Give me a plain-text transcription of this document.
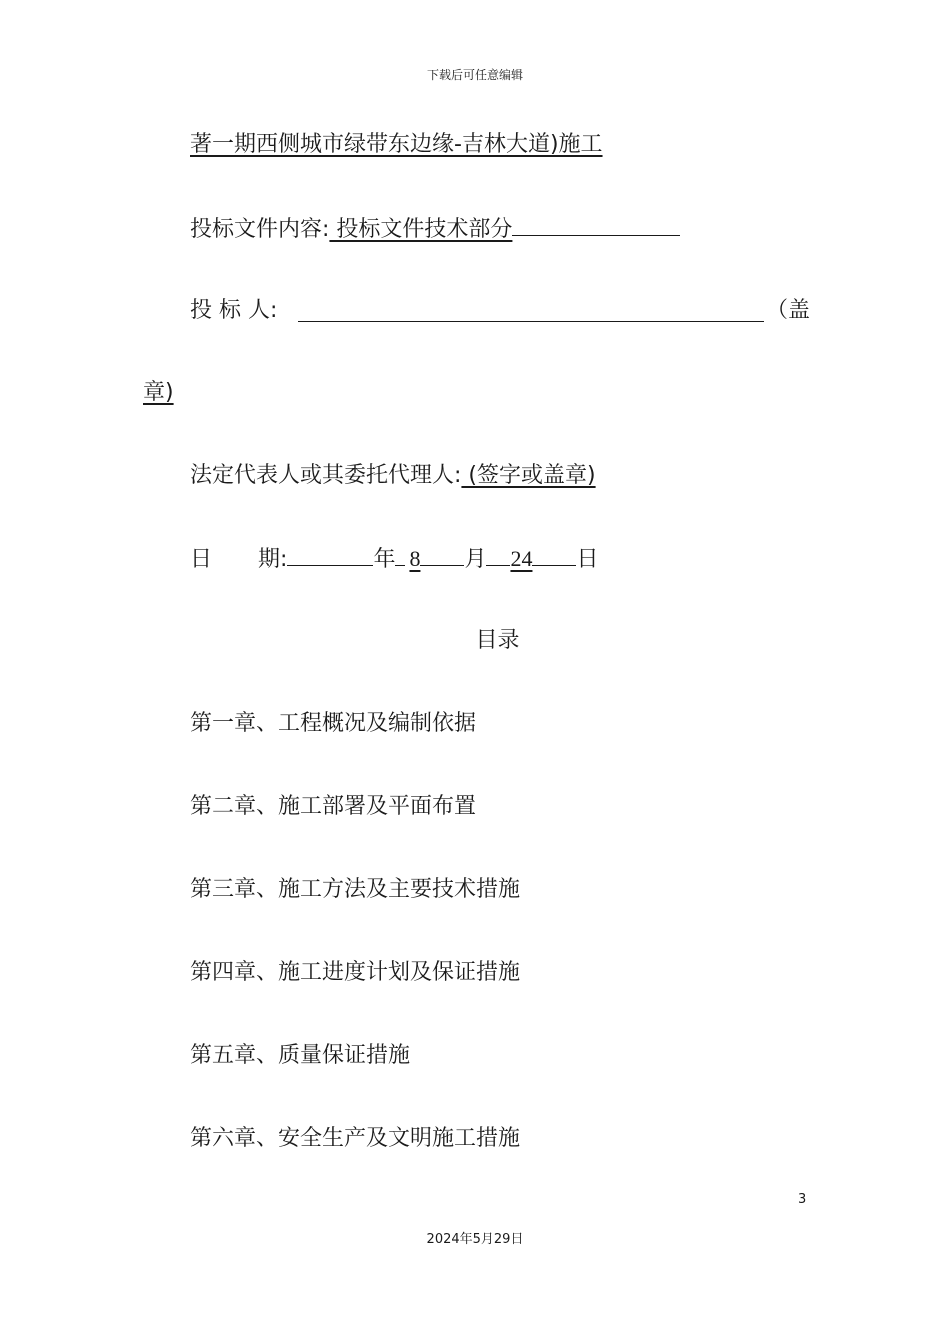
下载后可任意编辑
著一期西侧城市绿带东边缘-吉林大道)施工
投标文件内容: 投标文件技术部分
投 标 人:	（盖
章)
法定代表人或其委托代理人: (签字或盖章)
日 期:	年 8 月 24 日
目录
第一章、工程概况及编制依据
第二章、施工部署及平面布置
第三章、施工方法及主要技术措施
第四章、施工进度计划及保证措施
第五章、质量保证措施
第六章、安全生产及文明施工措施
3
2024年5月29日
